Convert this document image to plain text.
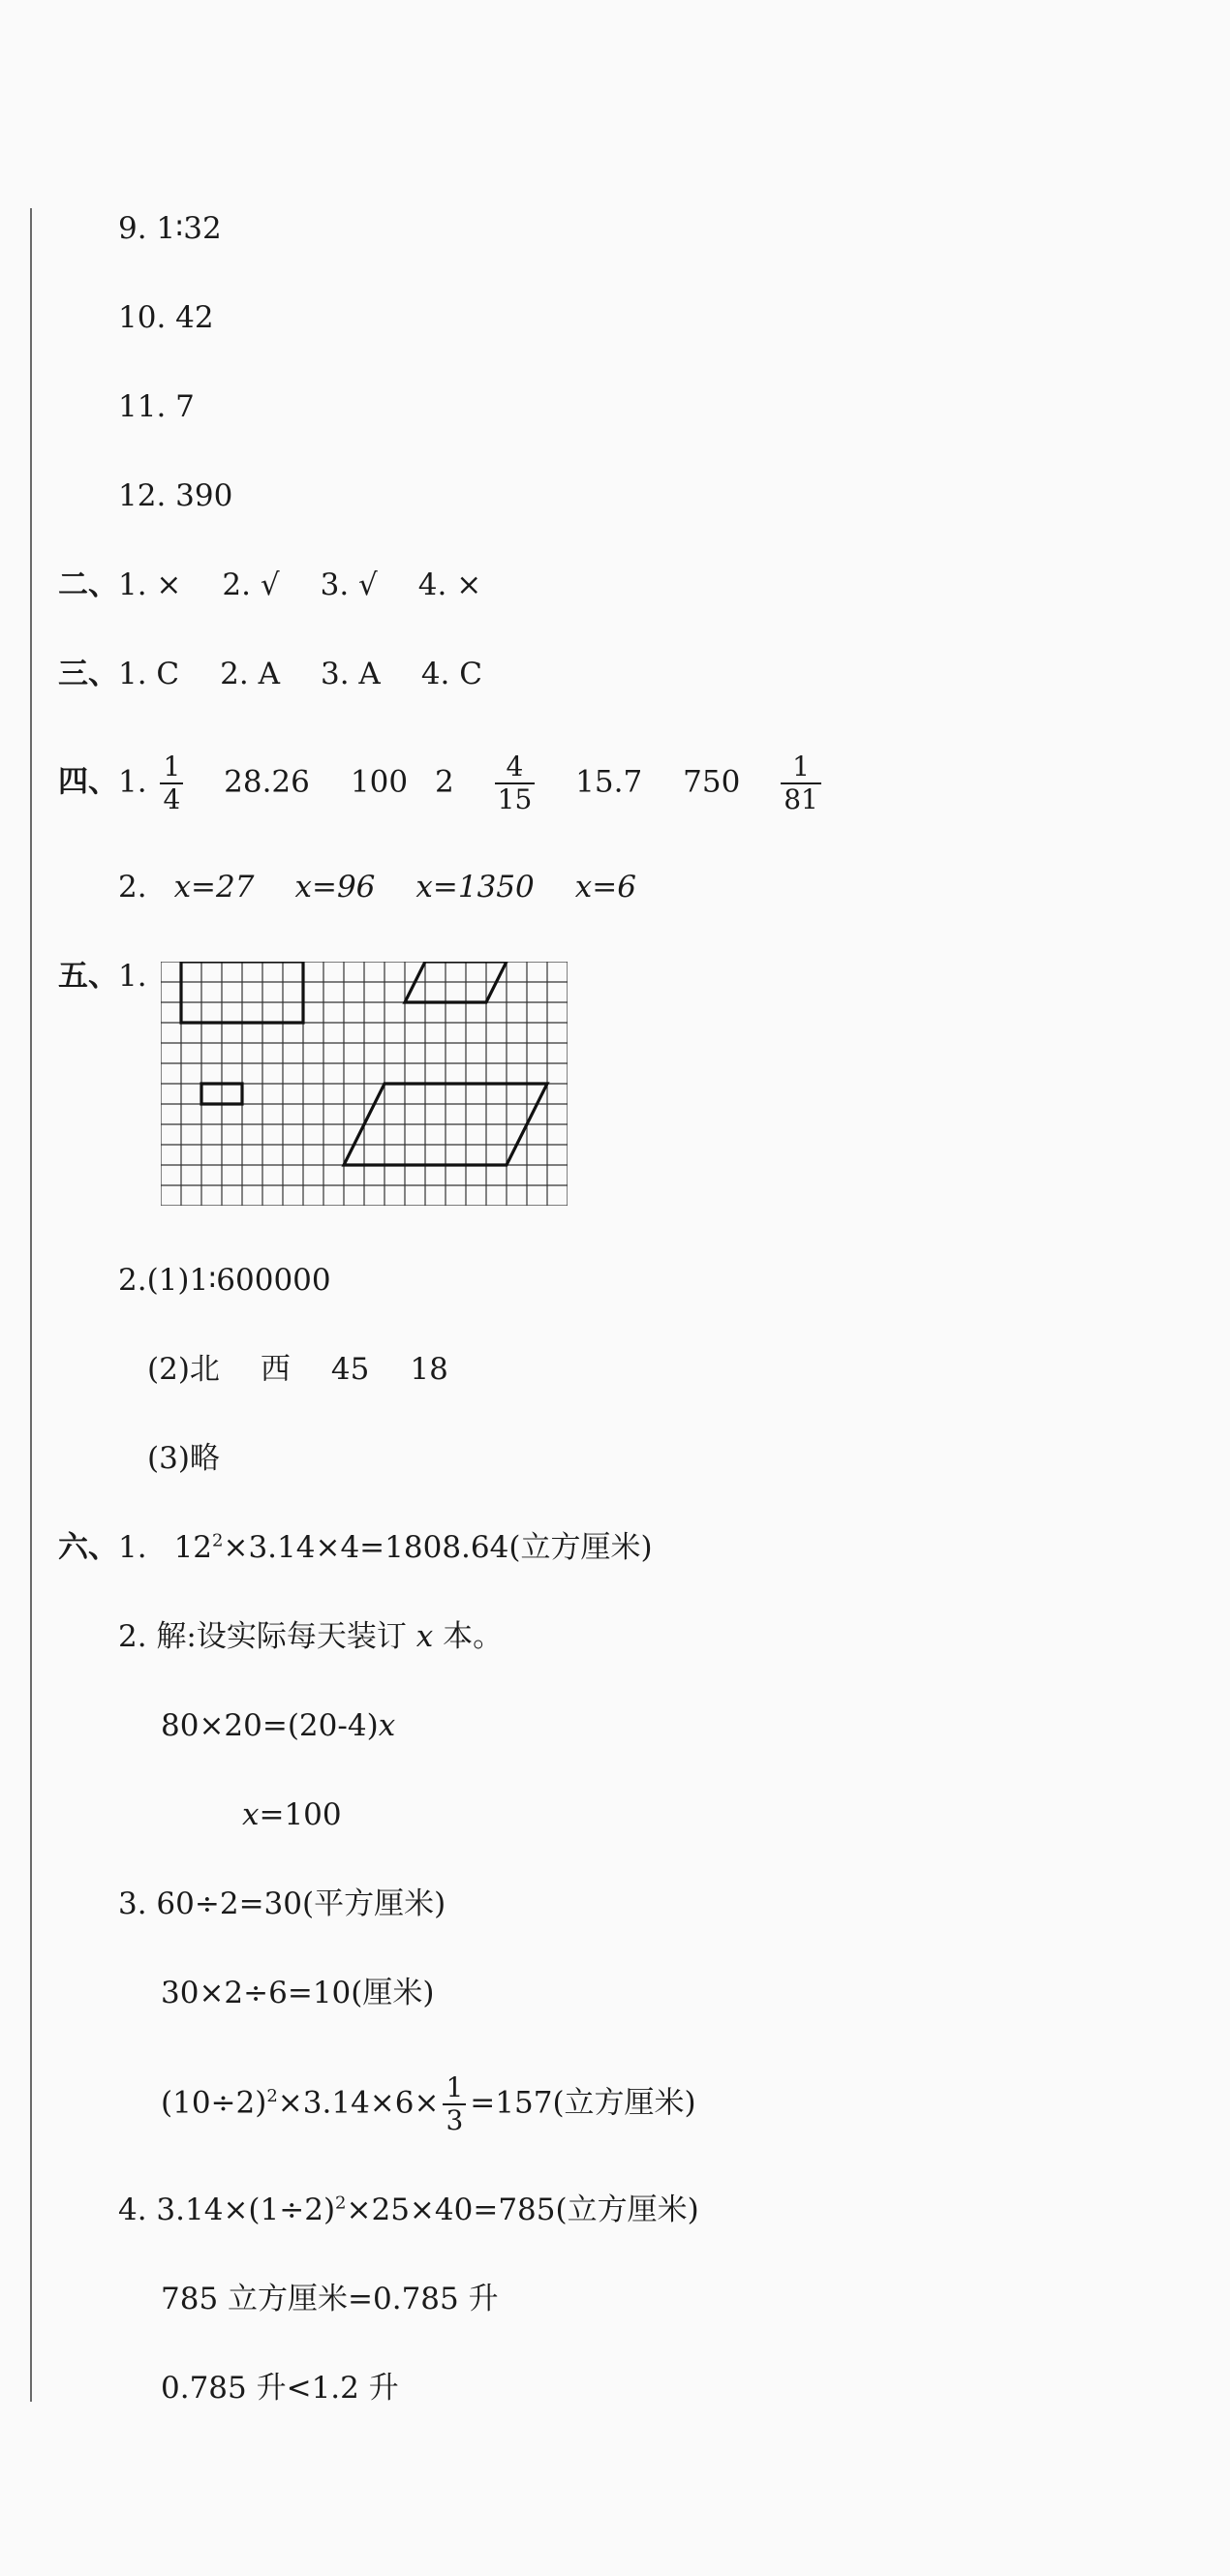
9. 1∶32
10. 42
11. 7
12. 390
二、1. × 2. √ 3. √ 4. ×
三、1. C 2. A 3. A 4. C
四、1. $\frac{1}{4} 28.26$ 100 $2 \frac{4}{15} 15.7$ $750 \frac{1}{81}$
2. x=27 x=96 x=1350 x=6
五、1.
2.(1)1∶600000
(2)北 西 45 18
(3)略
六、1. $12^2\times 3.14\times 4=1808.64$(立方厘米)
2. 解:设实际每天装订 x 本。
80×20=(20-4)x
x=100
3. 60÷2=30(平方厘米)
30×2÷6=10(厘米)
$(10\div 2)^2\times 3.14\times 6\times \frac{1}{3} =157$(立方厘米)
4. $3.14\times(1\div 2)^2\times 25\times 40=785$(立方厘米)
785 立方厘米=0.785 升
0.785 升<1.2 升
